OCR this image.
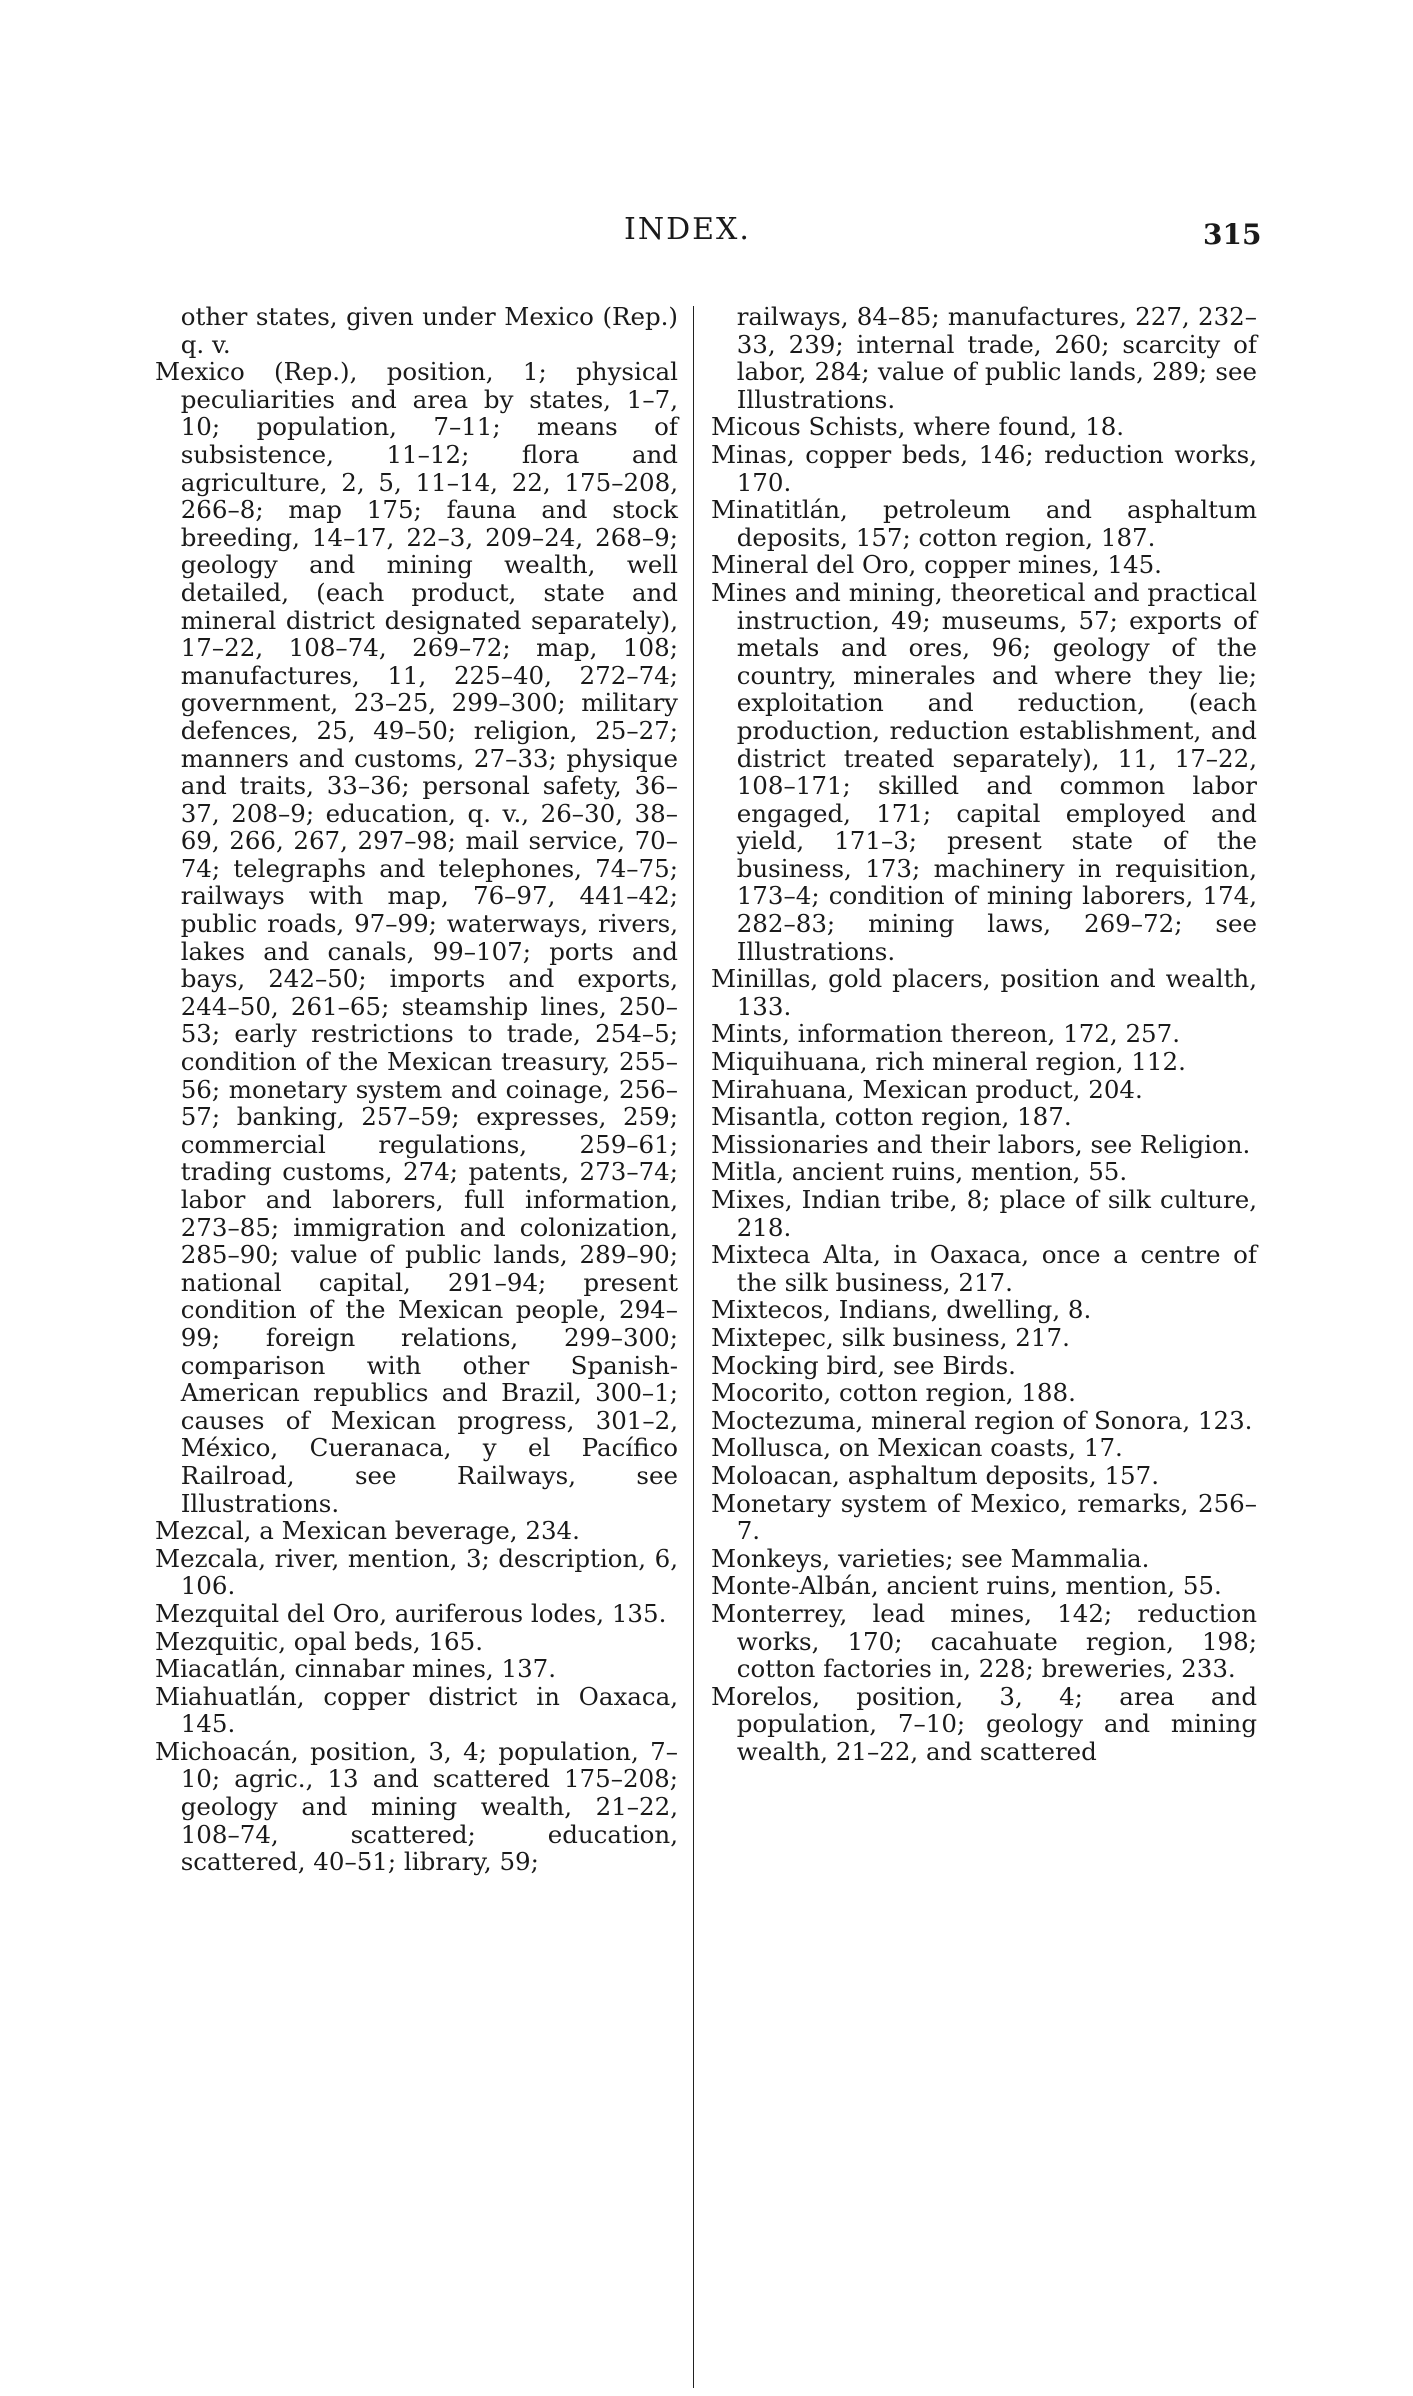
INDEX.	315

other states, given under Mexico (Rep.) q. v.

Mexico (Rep.), position, 1; physical peculiarities and area by states, 1–7, 10; population, 7–11; means of subsistence, 11–12; flora and agriculture, 2, 5, 11–14, 22, 175–208, 266–8; map 175; fauna and stock breeding, 14–17, 22–3, 209–24, 268–9; geology and mining wealth, well detailed, (each product, state and mineral district designated separately), 17–22, 108–74, 269–72; map, 108; manufactures, 11, 225–40, 272–74; government, 23–25, 299–300; military defences, 25, 49–50; religion, 25–27; manners and customs, 27–33; physique and traits, 33–36; personal safety, 36–37, 208–9; education, q. v., 26–30, 38–69, 266, 267, 297–98; mail service, 70–74; telegraphs and telephones, 74–75; railways with map, 76–97, 441–42; public roads, 97–99; waterways, rivers, lakes and canals, 99–107; ports and bays, 242–50; imports and exports, 244–50, 261–65; steamship lines, 250–53; early restrictions to trade, 254–5; condition of the Mexican treasury, 255–56; monetary system and coinage, 256–57; banking, 257–59; expresses, 259; commercial regulations, 259–61; trading customs, 274; patents, 273–74; labor and laborers, full information, 273–85; immigration and colonization, 285–90; value of public lands, 289–90; national capital, 291–94; present condition of the Mexican people, 294–99; foreign relations, 299–300; comparison with other Spanish-American republics and Brazil, 300–1; causes of Mexican progress, 301–2, México, Cueranaca, y el Pacífico Railroad, see Railways, see Illustrations.

Mezcal, a Mexican beverage, 234.

Mezcala, river, mention, 3; description, 6, 106.

Mezquital del Oro, auriferous lodes, 135.

Mezquitic, opal beds, 165.

Miacatlán, cinnabar mines, 137.

Miahuatlán, copper district in Oaxaca, 145.

Michoacán, position, 3, 4; population, 7–10; agric., 13 and scattered 175–208; geology and mining wealth, 21–22, 108–74, scattered; education, scattered, 40–51; library, 59;

railways, 84–85; manufactures, 227, 232–33, 239; internal trade, 260; scarcity of labor, 284; value of public lands, 289; see Illustrations.

Micous Schists, where found, 18.

Minas, copper beds, 146; reduction works, 170.

Minatitlán, petroleum and asphaltum deposits, 157; cotton region, 187.

Mineral del Oro, copper mines, 145.

Mines and mining, theoretical and practical instruction, 49; museums, 57; exports of metals and ores, 96; geology of the country, minerales and where they lie; exploitation and reduction, (each production, reduction establishment, and district treated separately), 11, 17–22, 108–171; skilled and common labor engaged, 171; capital employed and yield, 171–3; present state of the business, 173; machinery in requisition, 173–4; condition of mining laborers, 174, 282–83; mining laws, 269–72; see Illustrations.

Minillas, gold placers, position and wealth, 133.

Mints, information thereon, 172, 257.

Miquihuana, rich mineral region, 112.

Mirahuana, Mexican product, 204.

Misantla, cotton region, 187.

Missionaries and their labors, see Religion.

Mitla, ancient ruins, mention, 55.

Mixes, Indian tribe, 8; place of silk culture, 218.

Mixteca Alta, in Oaxaca, once a centre of the silk business, 217.

Mixtecos, Indians, dwelling, 8.

Mixtepec, silk business, 217.

Mocking bird, see Birds.

Mocorito, cotton region, 188.

Moctezuma, mineral region of Sonora, 123.

Mollusca, on Mexican coasts, 17.

Moloacan, asphaltum deposits, 157.

Monetary system of Mexico, remarks, 256–7.

Monkeys, varieties; see Mammalia.

Monte-Albán, ancient ruins, mention, 55.

Monterrey, lead mines, 142; reduction works, 170; cacahuate region, 198; cotton factories in, 228; breweries, 233.

Morelos, position, 3, 4; area and population, 7–10; geology and mining wealth, 21–22, and scattered
